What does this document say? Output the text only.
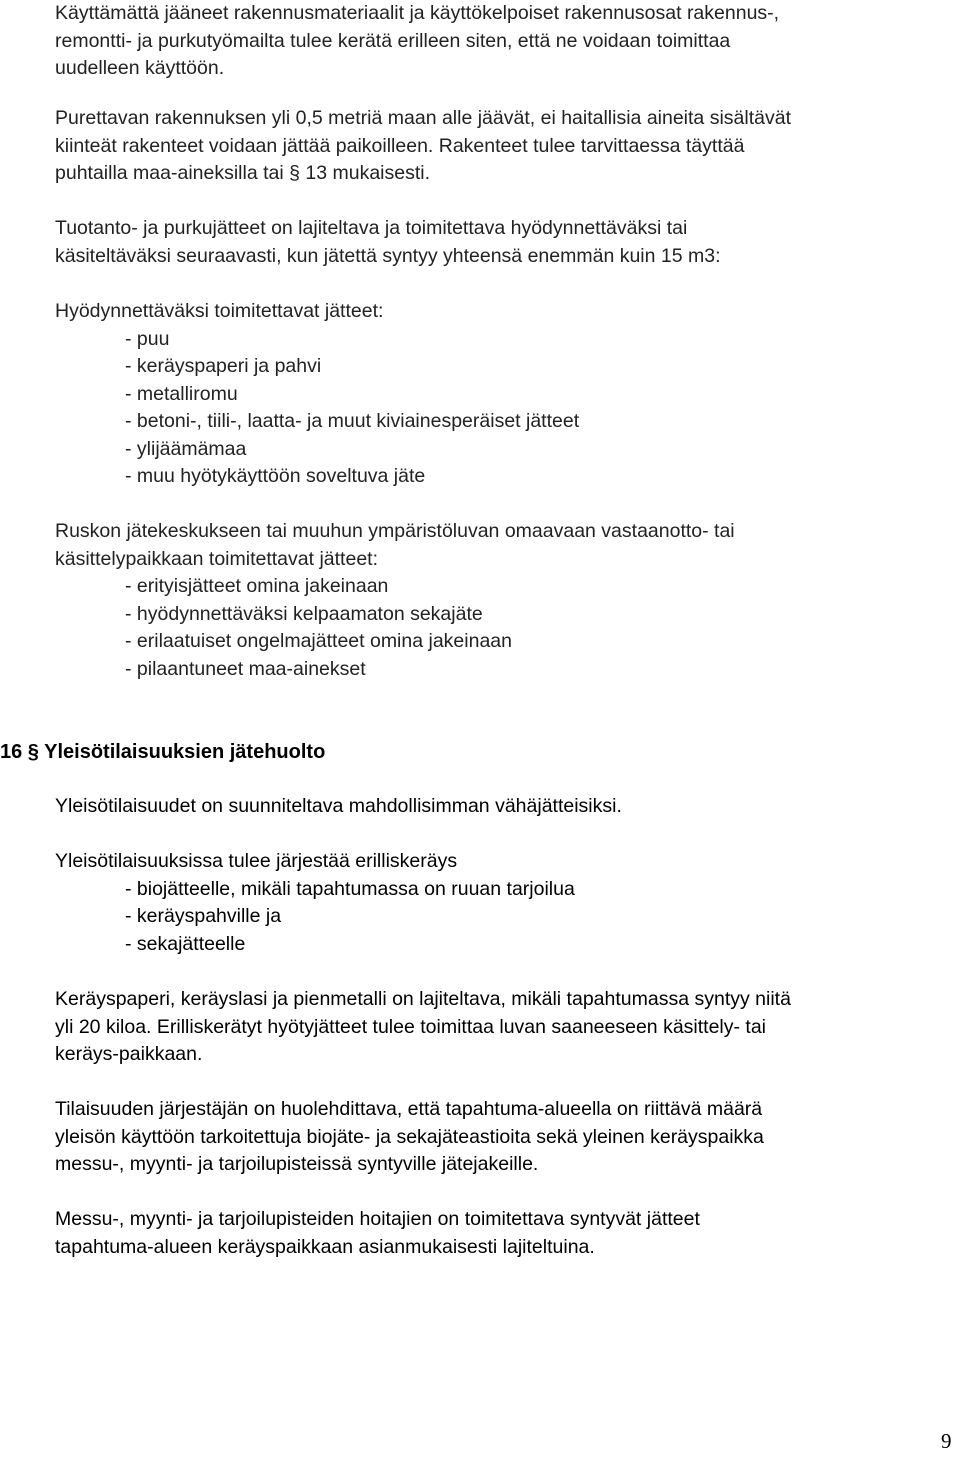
Käyttämättä jääneet rakennusmateriaalit ja käyttökelpoiset rakennusosat rakennus-,

remontti- ja purkutyömailta tulee kerätä erilleen siten, että ne voidaan toimittaa

uudelleen käyttöön.

Purettavan rakennuksen yli 0,5 metriä maan alle jäävät, ei haitallisia aineita sisältävät

kiinteät rakenteet voidaan jättää paikoilleen. Rakenteet tulee tarvittaessa täyttää

puhtailla maa-aineksilla tai § 13 mukaisesti.

Tuotanto- ja purkujätteet on lajiteltava ja toimitettava hyödynnettäväksi tai

käsiteltäväksi seuraavasti, kun jätettä syntyy yhteensä enemmän kuin 15 m3:

Hyödynnettäväksi toimitettavat jätteet:

- puu

- keräyspaperi ja pahvi

- metalliromu

- betoni-, tiili-, laatta- ja muut kiviainesperäiset jätteet

- ylijäämämaa

- muu hyötykäyttöön soveltuva jäte

Ruskon jätekeskukseen tai muuhun ympäristöluvan omaavaan vastaanotto- tai

käsittelypaikkaan toimitettavat jätteet:

- erityisjätteet omina jakeinaan

- hyödynnettäväksi kelpaamaton sekajäte

- erilaatuiset ongelmajätteet omina jakeinaan

- pilaantuneet maa-ainekset

16 § Yleisötilaisuuksien jätehuolto

Yleisötilaisuudet on suunniteltava mahdollisimman vähäjätteisiksi.

Yleisötilaisuuksissa tulee järjestää erilliskeräys

- biojätteelle, mikäli tapahtumassa on ruuan tarjoilua

- keräyspahville ja

- sekajätteelle

Keräyspaperi, keräyslasi ja pienmetalli on lajiteltava, mikäli tapahtumassa syntyy niitä

yli 20 kiloa. Erilliskerätyt hyötyjätteet tulee toimittaa luvan saaneeseen käsittely- tai

keräys-paikkaan.

Tilaisuuden järjestäjän on huolehdittava, että tapahtuma-alueella on riittävä määrä

yleisön käyttöön tarkoitettuja biojäte- ja sekajäteastioita sekä yleinen keräyspaikka

messu-, myynti- ja tarjoilupisteissä syntyville jätejakeille.

Messu-, myynti- ja tarjoilupisteiden hoitajien on toimitettava syntyvät jätteet

tapahtuma-alueen keräyspaikkaan asianmukaisesti lajiteltuina.

9
